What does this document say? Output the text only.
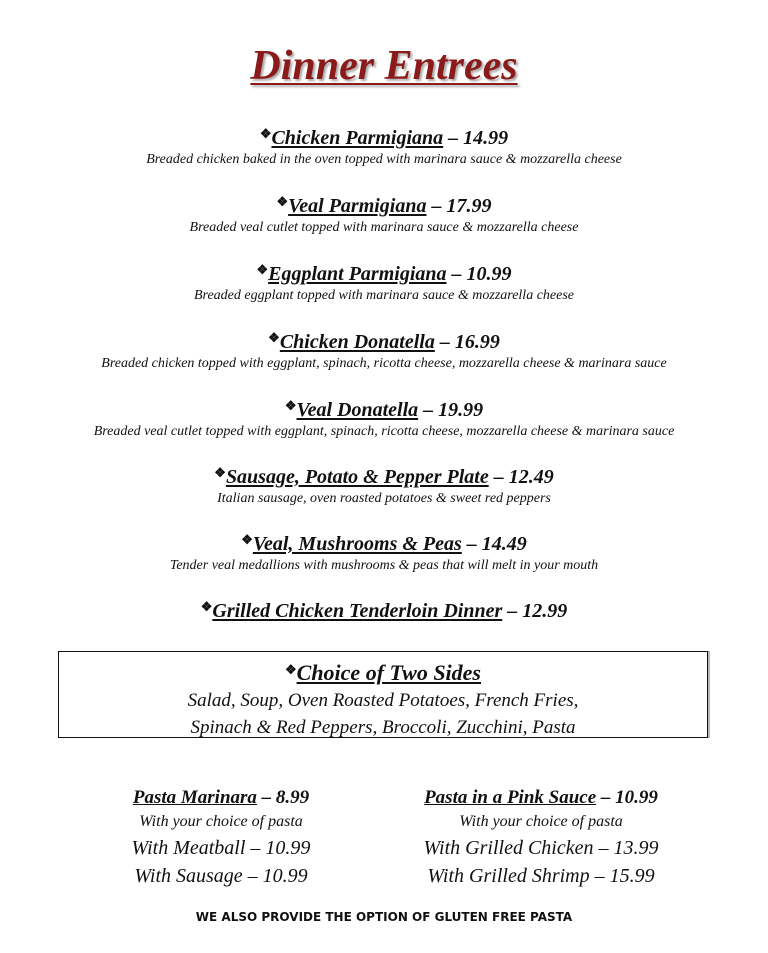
Dinner Entrees
❖Chicken Parmigiana – 14.99
Breaded chicken baked in the oven topped with marinara sauce & mozzarella cheese
❖Veal Parmigiana – 17.99
Breaded veal cutlet topped with marinara sauce & mozzarella cheese
❖Eggplant Parmigiana – 10.99
Breaded eggplant topped with marinara sauce & mozzarella cheese
❖Chicken Donatella – 16.99
Breaded chicken topped with eggplant, spinach, ricotta cheese, mozzarella cheese & marinara sauce
❖Veal Donatella – 19.99
Breaded veal cutlet topped with eggplant, spinach, ricotta cheese, mozzarella cheese & marinara sauce
❖Sausage, Potato & Pepper Plate – 12.49
Italian sausage, oven roasted potatoes & sweet red peppers
❖Veal, Mushrooms & Peas – 14.49
Tender veal medallions with mushrooms & peas that will melt in your mouth
❖Grilled Chicken Tenderloin Dinner – 12.99
❖Choice of Two Sides
Salad, Soup, Oven Roasted Potatoes, French Fries,
Spinach & Red Peppers, Broccoli, Zucchini, Pasta
Pasta Marinara – 8.99
With your choice of pasta
With Meatball – 10.99
With Sausage – 10.99
Pasta in a Pink Sauce – 10.99
With your choice of pasta
With Grilled Chicken – 13.99
With Grilled Shrimp – 15.99
WE ALSO PROVIDE THE OPTION OF GLUTEN FREE PASTA
